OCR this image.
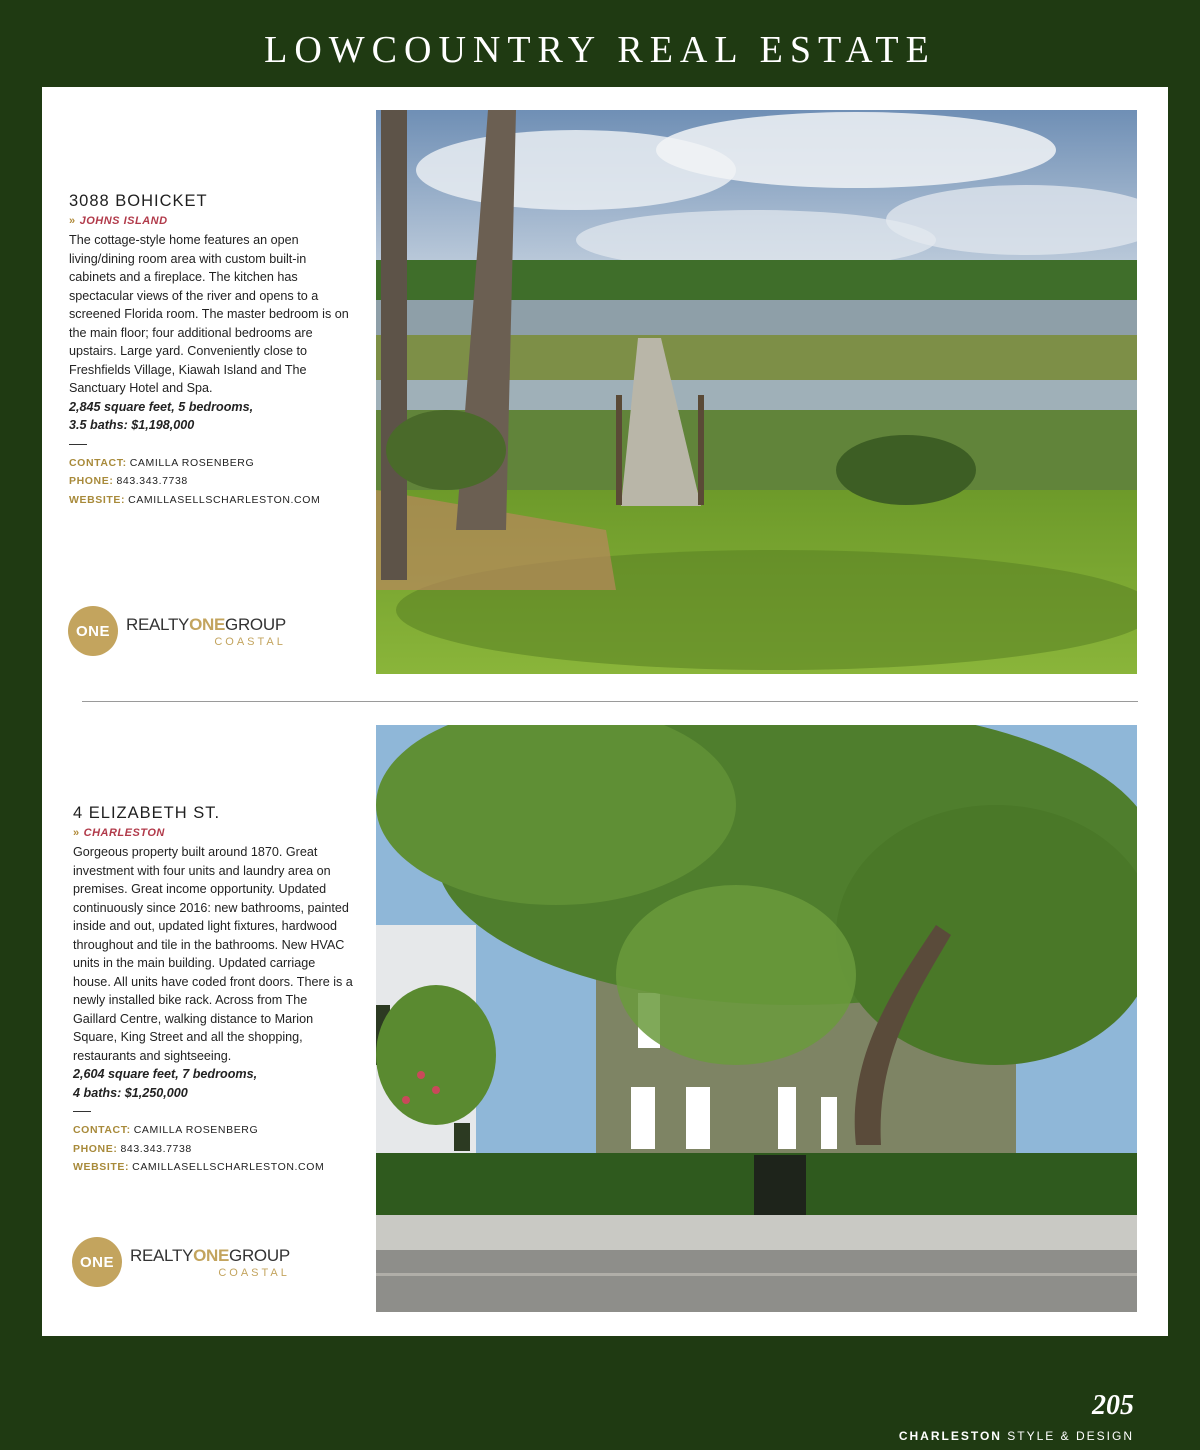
LOWCOUNTRY REAL ESTATE
3088 BOHICKET
» JOHNS ISLAND
The cottage-style home features an open living/dining room area with custom built-in cabinets and a fireplace. The kitchen has spectacular views of the river and opens to a screened Florida room. The master bedroom is on the main floor; four additional bedrooms are upstairs. Large yard. Conveniently close to Freshfields Village, Kiawah Island and The Sanctuary Hotel and Spa.
2,845 square feet, 5 bedrooms,
3.5 baths: $1,198,000
CONTACT: CAMILLA ROSENBERG
PHONE: 843.343.7738
WEBSITE: CAMILLASELLSCHARLESTON.COM
ONE REALTYONEGROUP
COASTAL
4 ELIZABETH ST.
» CHARLESTON
Gorgeous property built around 1870. Great investment with four units and laundry area on premises. Great income opportunity. Updated continuously since 2016: new bathrooms, painted inside and out, updated light fixtures, hardwood throughout and tile in the bathrooms. New HVAC units in the main building. Updated carriage house. All units have coded front doors. There is a newly installed bike rack. Across from The Gaillard Centre, walking distance to Marion Square, King Street and all the shopping, restaurants and sightseeing.
2,604 square feet, 7 bedrooms,
4 baths: $1,250,000
CONTACT: CAMILLA ROSENBERG
PHONE: 843.343.7738
WEBSITE: CAMILLASELLSCHARLESTON.COM
ONE REALTYONEGROUP
COASTAL
205
CHARLESTON STYLE & DESIGN
